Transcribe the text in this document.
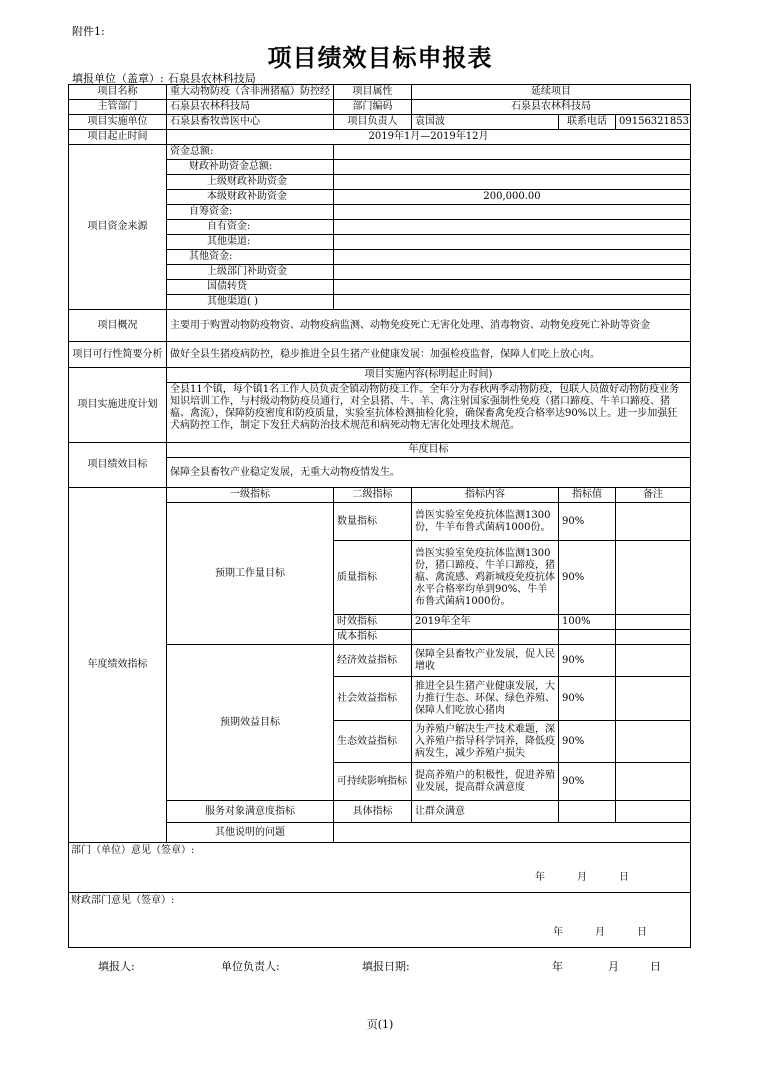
附件1:
项目绩效目标申报表
填报单位（盖章）: 石泉县农林科技局
项目名称	重大动物防疫（含非洲猪瘟）防控经	项目属性	延续项目		
主管部门	石泉县农林科技局	部门编码	石泉县农林科技局		
项目实施单位	石泉县畜牧兽医中心	项目负责人	袁国波	联系电话	09156321853
项目起止时间	2019年1月—2019年12月				
项目资金来源	资金总额:				
	财政补助资金总额:				
	上级财政补助资金				
	本级财政补助资金	200,000.00			
	自筹资金:				
	自有资金:				
	其他渠道:				
	其他资金:				
	上级部门补助资金				
	国债转贷				
	其他渠道( )				
项目概况	主要用于购置动物防疫物资、动物疫病监测、动物免疫死亡无害化处理、消毒物资、动物免疫死亡补助等资金				
项目可行性简要分析	做好全县生猪疫病防控，稳步推进全县生猪产业健康发展：加强检疫监督，保障人们吃上放心肉。				
项目实施进度计划	项目实施内容(标明起止时间)				
	全县11个镇，每个镇1名工作人员负责全镇动物防疫工作。全年分为春秋两季动物防疫，包联人员做好动物防疫业务知识培训工作，与村级动物防疫员通行，对全县猪、牛、羊、禽注射国家强制性免疫（猪口蹄疫、牛羊口蹄疫、猪瘟、禽流），保障防疫密度和防疫质量，实验室抗体检测抽检化验，确保畜禽免疫合格率达90%以上。进一步加强狂犬病防控工作，制定下发狂犬病防治技术规范和病死动物无害化处理技术规范。				
项目绩效目标	年度目标				
	保障全县畜牧产业稳定发展，无重大动物疫情发生。				
年度绩效指标	一级指标	二级指标	指标内容	指标值	备注
	预期工作量目标	数量指标	兽医实验室免疫抗体监测1300份，牛羊布鲁式菌病1000份。	90%	
		质量指标	兽医实验室免疫抗体监测1300份，猪口蹄疫、牛羊口蹄疫，猪瘟、禽流感、鸡新城疫免疫抗体水平合格率均单到90%、牛羊布鲁式菌病1000份。	90%	
		时效指标	2019年全年	100%	
		成本指标			
	预期效益目标	经济效益指标	保障全县畜牧产业发展，促人民增收	90%	
		社会效益指标	推进全县生猪产业健康发展，大力推行生态、环保、绿色养殖、保障人们吃放心猪肉	90%	
		生态效益指标	为养殖户解决生产技术难题，深入养殖户指导科学饲养，降低疫病发生，减少养殖户损失	90%	
		可持续影响指标	提高养殖户的积极性，促进养殖业发展，提高群众满意度	90%	
	服务对象满意度指标	具体指标	让群众满意		
	其他说明的问题				

部门（单位）意见（签章）:
年 月 日					

财政部门意见（签章）:
年 月 日					
填报人:	单位负责人:	填报日期:	年	月	日
页(1)
